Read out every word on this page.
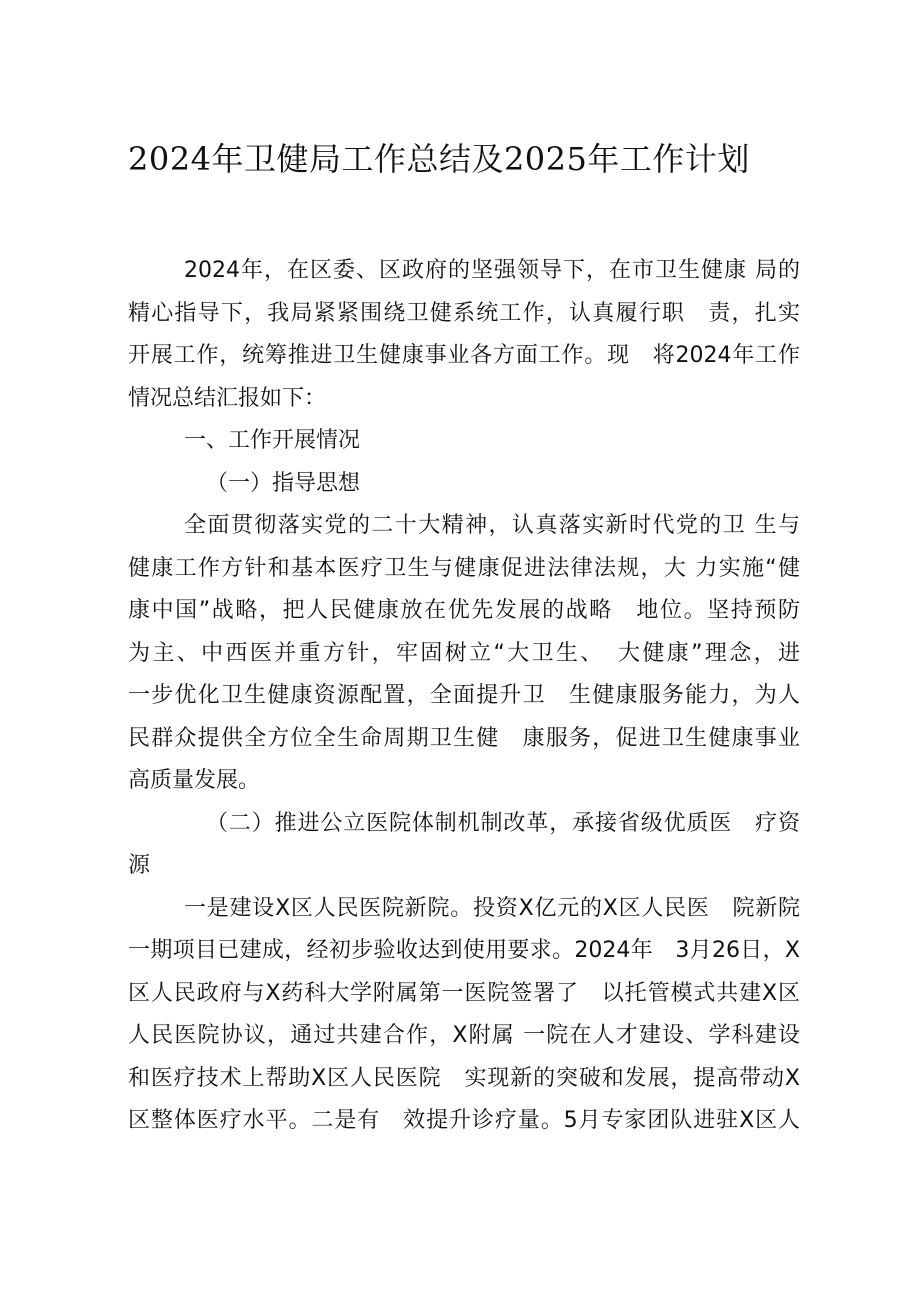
2024年卫健局工作总结及2025年工作计划
2024年，在区委、区政府的坚强领导下，在市卫生健康 局的
精心指导下，我局紧紧围绕卫健系统工作，认真履行职　责，扎实
开展工作，统筹推进卫生健康事业各方面工作。现　将2024年工作
情况总结汇报如下：
一、工作开展情况
（一）指导思想
全面贯彻落实党的二十大精神，认真落实新时代党的卫 生与
健康工作方针和基本医疗卫生与健康促进法律法规，大 力实施“健
康中国”战略，把人民健康放在优先发展的战略　地位。坚持预防
为主、中西医并重方针，牢固树立“大卫生、　大健康”理念，进
一步优化卫生健康资源配置，全面提升卫　生健康服务能力，为人
民群众提供全方位全生命周期卫生健　康服务，促进卫生健康事业
高质量发展。
（二）推进公立医院体制机制改革，承接省级优质医　疗资
源
一是建设X区人民医院新院。投资X亿元的X区人民医　院新院
一期项目已建成，经初步验收达到使用要求。2024年　3月26日，X
区人民政府与X药科大学附属第一医院签署了　以托管模式共建X区
人民医院协议，通过共建合作，X附属 一院在人才建设、学科建设
和医疗技术上帮助X区人民医院　实现新的突破和发展，提高带动X
区整体医疗水平。二是有　效提升诊疗量。5月专家团队进驻X区人
